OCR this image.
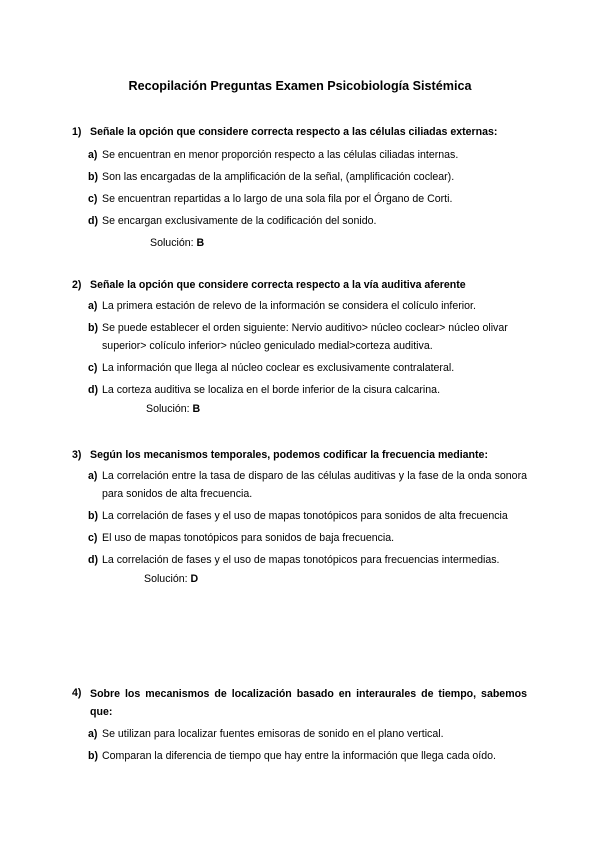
Recopilación Preguntas Examen Psicobiología Sistémica
1) Señale la opción que considere correcta respecto a las células ciliadas externas:
a) Se encuentran en menor proporción respecto a las células ciliadas internas.
b) Son las encargadas de la amplificación de la señal, (amplificación coclear).
c) Se encuentran repartidas a lo largo de una sola fila por el Órgano de Corti.
d) Se encargan exclusivamente de la codificación del sonido.
Solución: B
2) Señale la opción que considere correcta respecto a la vía auditiva aferente
a) La primera estación de relevo de la información se considera el colículo inferior.
b) Se puede establecer el orden siguiente: Nervio auditivo> núcleo coclear> núcleo olivar superior> colículo inferior> núcleo geniculado medial>corteza auditiva.
c) La información que llega al núcleo coclear es exclusivamente contralateral.
d) La corteza auditiva se localiza en el borde inferior de la cisura calcarina.
Solución: B
3) Según los mecanismos temporales, podemos codificar la frecuencia mediante:
a) La correlación entre la tasa de disparo de las células auditivas y la fase de la onda sonora para sonidos de alta frecuencia.
b) La correlación de fases y el uso de mapas tonotópicos para sonidos de alta frecuencia
c) El uso de mapas tonotópicos para sonidos de baja frecuencia.
d) La correlación de fases y el uso de mapas tonotópicos para frecuencias intermedias.
Solución: D
4) Sobre los mecanismos de localización basado en interaurales de tiempo, sabemos que:
a) Se utilizan para localizar fuentes emisoras de sonido en el plano vertical.
b) Comparan la diferencia de tiempo que hay entre la información que llega cada oído.
